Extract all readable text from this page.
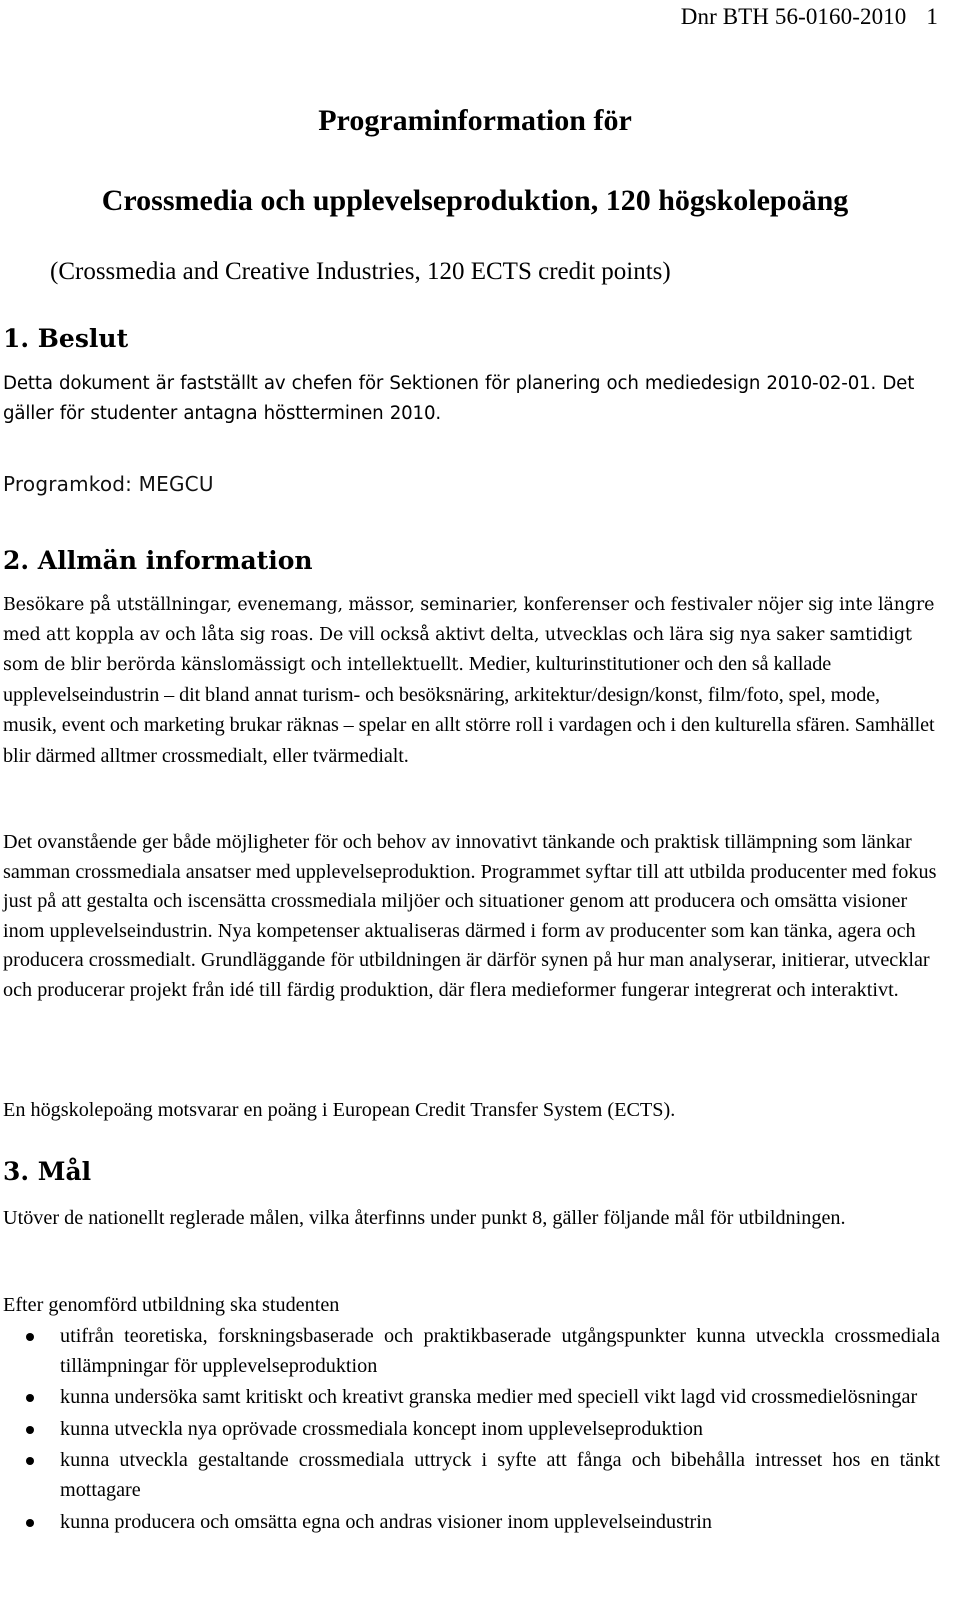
Dnr BTH 56-0160-2010 1
Programinformation för
Crossmedia och upplevelseproduktion, 120 högskolepoäng
(Crossmedia and Creative Industries, 120 ECTS credit points)
1. Beslut
Detta dokument är fastställt av chefen för Sektionen för planering och mediedesign 2010-02-01. Det gäller för studenter antagna höstterminen 2010.
Programkod: MEGCU
2. Allmän information
Besökare på utställningar, evenemang, mässor, seminarier, konferenser och festivaler nöjer sig inte längre med att koppla av och låta sig roas. De vill också aktivt delta, utvecklas och lära sig nya saker samtidigt som de blir berörda känslomässigt och intellektuellt. Medier, kulturinstitutioner och den så kallade upplevelseindustrin – dit bland annat turism- och besöksnäring, arkitektur/design/konst, film/foto, spel, mode, musik, event och marketing brukar räknas – spelar en allt större roll i vardagen och i den kulturella sfären. Samhället blir därmed alltmer crossmedialt, eller tvärmedialt.
Det ovanstående ger både möjligheter för och behov av innovativt tänkande och praktisk tillämpning som länkar samman crossmediala ansatser med upplevelseproduktion. Programmet syftar till att utbilda producenter med fokus just på att gestalta och iscensätta crossmediala miljöer och situationer genom att producera och omsätta visioner inom upplevelseindustrin. Nya kompetenser aktualiseras därmed i form av producenter som kan tänka, agera och producera crossmedialt. Grundläggande för utbildningen är därför synen på hur man analyserar, initierar, utvecklar och producerar projekt från idé till färdig produktion, där flera medieformer fungerar integrerat och interaktivt.
En högskolepoäng motsvarar en poäng i European Credit Transfer System (ECTS).
3. Mål
Utöver de nationellt reglerade målen, vilka återfinns under punkt 8, gäller följande mål för utbildningen.
Efter genomförd utbildning ska studenten
utifrån teoretiska, forskningsbaserade och praktikbaserade utgångspunkter kunna utveckla crossmediala tillämpningar för upplevelseproduktion
kunna undersöka samt kritiskt och kreativt granska medier med speciell vikt lagd vid crossmedielösningar
kunna utveckla nya oprövade crossmediala koncept inom upplevelseproduktion
kunna utveckla gestaltande crossmediala uttryck i syfte att fånga och bibehålla intresset hos en tänkt mottagare
kunna producera och omsätta egna och andras visioner inom upplevelseindustrin
